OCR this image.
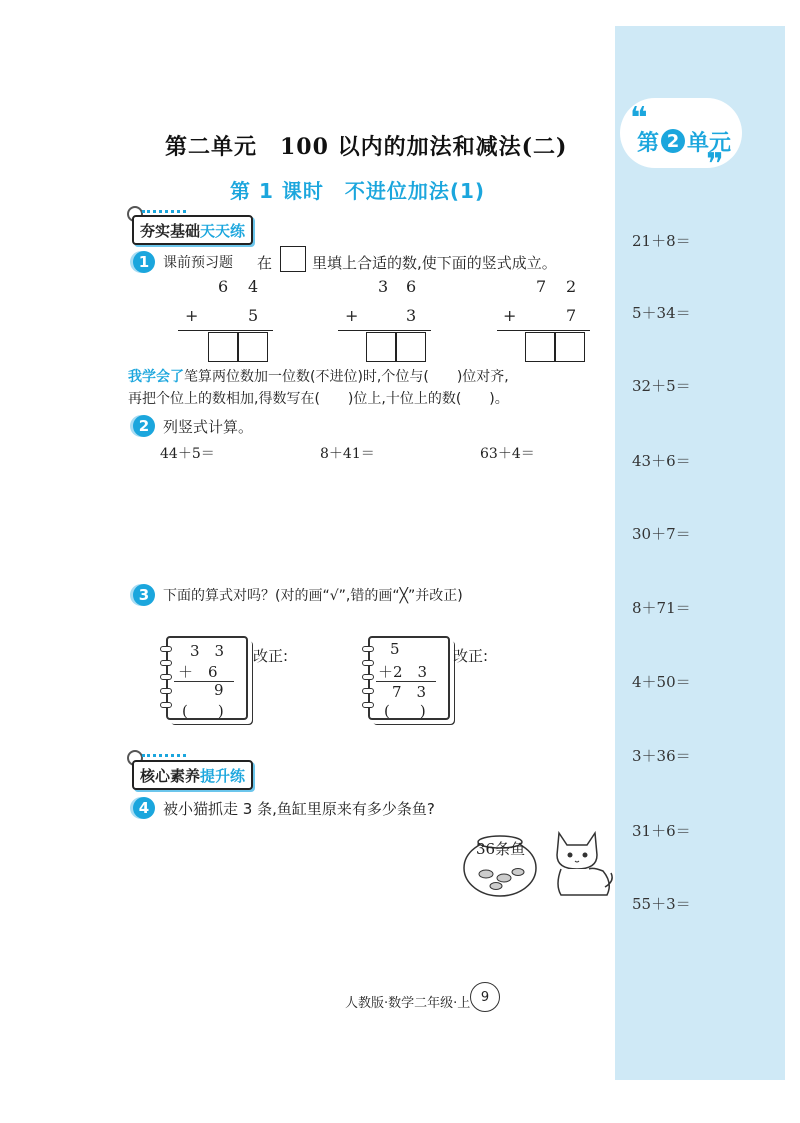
❝
❞
第 2 单元
21＋8＝
5＋34＝
32＋5＝
43＋6＝
30＋7＝
8＋71＝
4＋50＝
3＋36＝
31＋6＝
55＋3＝
第二单元　100 以内的加法和减法(二)
第 1 课时　不进位加法(1)
夯实基础 天天练
1 课前预习题 在	里填上合适的数,使下面的竖式成立。
6 4
+	5
3 6
+	3
7 2
+	7
我学会了笔算两位数加一位数(不进位)时,个位与(　　)位对齐,
再把个位上的数相加,得数写在(　　)位上,十位上的数(　　)。
2 列竖式计算。
44＋5＝	8＋41＝	63＋4＝
3 下面的算式对吗？(对的画“√”,错的画“╳”并改正)
3　3
＋　6
9
(　　)
改正:	5
＋2　3
7　3
(　　)
改正:
核心素养 提升练
4 被小猫抓走 3 条,鱼缸里原来有多少条鱼?
36条鱼
人教版·数学二年级·上 9
